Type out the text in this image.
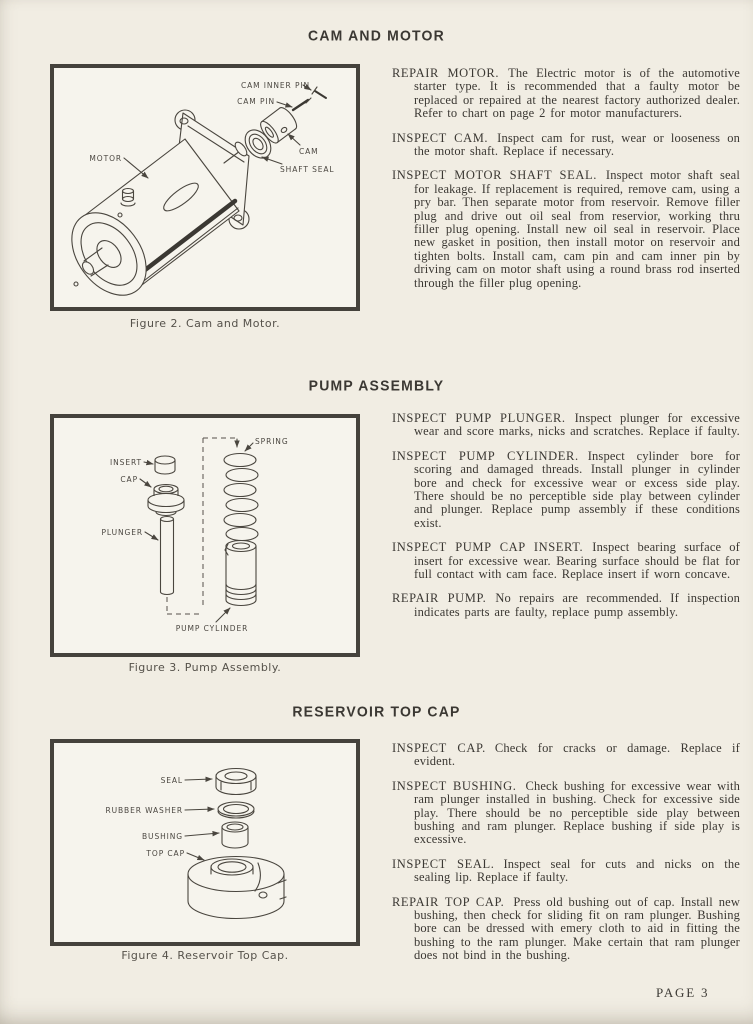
CAM AND MOTOR
CAM INNER PIN
CAM PIN
CAM
SHAFT SEAL
MOTOR
Figure 2. Cam and Motor.

REPAIR MOTOR. The Electric motor is of the automotive starter type. It is recommended that a faulty motor be replaced or repaired at the nearest factory authorized dealer. Refer to chart on page 2 for motor manufacturers.

INSPECT CAM. Inspect cam for rust, wear or looseness on the motor shaft. Replace if necessary.

INSPECT MOTOR SHAFT SEAL. Inspect motor shaft seal for leakage. If replacement is required, remove cam, using a pry bar. Then separate motor from reservoir. Remove filler plug and drive out oil seal from reservior, working thru filler plug opening. Install new oil seal in reservoir. Place new gasket in position, then install motor on reservoir and tighten bolts. Install cam, cam pin and cam inner pin by driving cam on motor shaft using a round brass rod inserted through the filler plug opening.

PUMP ASSEMBLY
SPRING
INSERT
CAP
PLUNGER
PUMP CYLINDER
Figure 3. Pump Assembly.

INSPECT PUMP PLUNGER. Inspect plunger for excessive wear and score marks, nicks and scratches. Replace if faulty.

INSPECT PUMP CYLINDER. Inspect cylinder bore for scoring and damaged threads. Install plunger in cylinder bore and check for excessive wear or excess side play. There should be no perceptible side play between cylinder and plunger. Replace pump assembly if these conditions exist.

INSPECT PUMP CAP INSERT. Inspect bearing surface of insert for excessive wear. Bearing surface should be flat for full contact with cam face. Replace insert if worn concave.

REPAIR PUMP. No repairs are recommended. If inspection indicates parts are faulty, replace pump assembly.

RESERVOIR TOP CAP
SEAL
RUBBER WASHER
BUSHING
TOP CAP
Figure 4. Reservoir Top Cap.

INSPECT CAP. Check for cracks or damage. Replace if evident.

INSPECT BUSHING. Check bushing for excessive wear with ram plunger installed in bushing. Check for excessive side play. There should be no perceptible side play between bushing and ram plunger. Replace bushing if side play is excessive.

INSPECT SEAL. Inspect seal for cuts and nicks on the sealing lip. Replace if faulty.

REPAIR TOP CAP. Press old bushing out of cap. Install new bushing, then check for sliding fit on ram plunger. Bushing bore can be dressed with emery cloth to aid in fitting the bushing to the ram plunger. Make certain that ram plunger does not bind in the bushing.

PAGE 3
